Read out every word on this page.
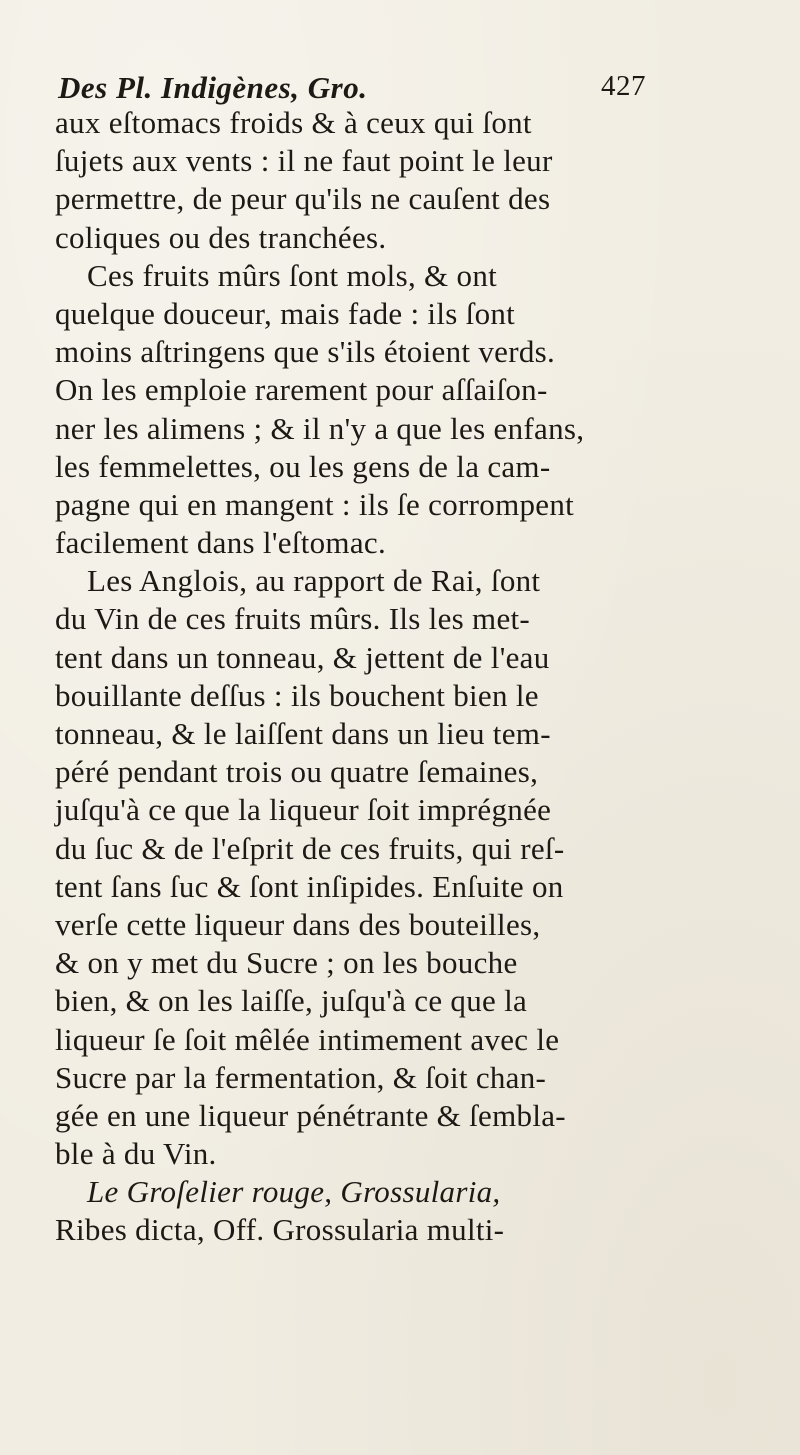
Des Pl. Indigènes, Gro.	427
aux eſtomacs froids & à ceux qui ſont
ſujets aux vents : il ne faut point le leur
permettre, de peur qu'ils ne cauſent des
coliques ou des tranchées.
Ces fruits mûrs ſont mols, & ont
quelque douceur, mais fade : ils ſont
moins aſtringens que s'ils étoient verds.
On les emploie rarement pour aſſaiſon-
ner les alimens ; & il n'y a que les enfans,
les femmelettes, ou les gens de la cam-
pagne qui en mangent : ils ſe corrompent
facilement dans l'eſtomac.
Les Anglois, au rapport de Rai, ſont
du Vin de ces fruits mûrs. Ils les met-
tent dans un tonneau, & jettent de l'eau
bouillante deſſus : ils bouchent bien le
tonneau, & le laiſſent dans un lieu tem-
péré pendant trois ou quatre ſemaines,
juſqu'à ce que la liqueur ſoit imprégnée
du ſuc & de l'eſprit de ces fruits, qui reſ-
tent ſans ſuc & ſont inſipides. Enſuite on
verſe cette liqueur dans des bouteilles,
& on y met du Sucre ; on les bouche
bien, & on les laiſſe, juſqu'à ce que la
liqueur ſe ſoit mêlée intimement avec le
Sucre par la fermentation, & ſoit chan-
gée en une liqueur pénétrante & ſembla-
ble à du Vin.
Le Groſelier rouge, Grossularia,
Ribes dicta, Off. Grossularia multi-
